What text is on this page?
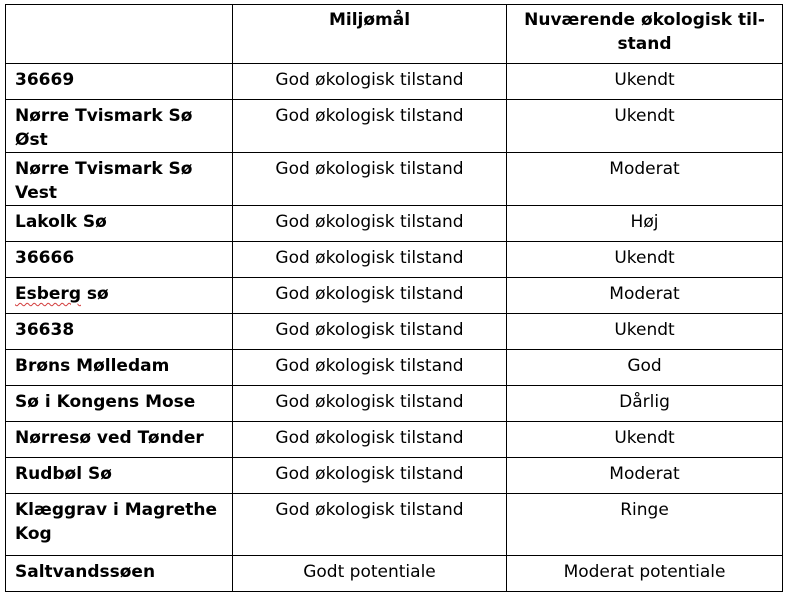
	Miljømål	Nuværende økologisk til-stand
36669	God økologisk tilstand	Ukendt
Nørre Tvismark Sø Øst	God økologisk tilstand	Ukendt
Nørre Tvismark Sø Vest	God økologisk tilstand	Moderat
Lakolk Sø	God økologisk tilstand	Høj
36666	God økologisk tilstand	Ukendt
Esberg sø	God økologisk tilstand	Moderat
36638	God økologisk tilstand	Ukendt
Brøns Mølledam	God økologisk tilstand	God
Sø i Kongens Mose	God økologisk tilstand	Dårlig
Nørresø ved Tønder	God økologisk tilstand	Ukendt
Rudbøl Sø	God økologisk tilstand	Moderat
Klæggrav i Magrethe Kog	God økologisk tilstand	Ringe
Saltvandssøen	Godt potentiale	Moderat potentiale
